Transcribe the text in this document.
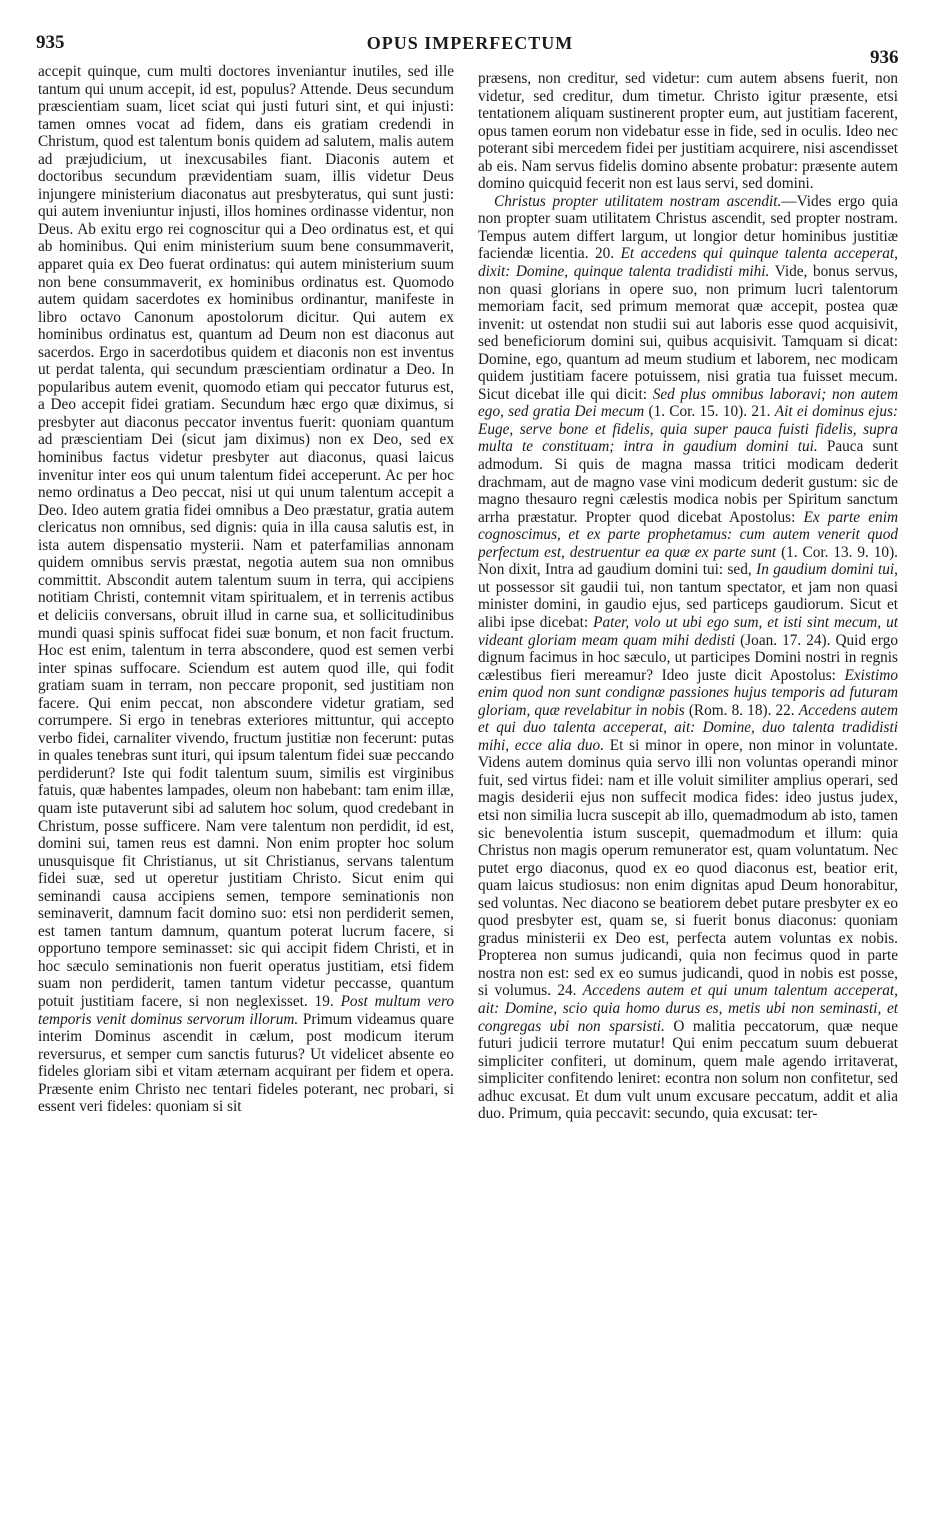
935	OPUS IMPERFECTUM
936

accepit quinque, cum multi doctores inveniantur inutiles, sed ille tantum qui unum accepit, id est, populus? Attende. Deus secundum præscientiam suam, licet sciat qui justi futuri sint, et qui injusti: tamen omnes vocat ad fidem, dans eis gratiam credendi in Christum, quod est talentum bonis quidem ad salutem, malis autem ad præjudicium, ut inexcusabiles fiant. Diaconis autem et doctoribus secundum prævidentiam suam, illis videtur Deus injungere ministerium diaconatus aut presbyteratus, qui sunt justi: qui autem inveniuntur injusti, illos homines ordinasse videntur, non Deus. Ab exitu ergo rei cognoscitur qui a Deo ordinatus est, et qui ab hominibus. Qui enim ministerium suum bene consummaverit, apparet quia ex Deo fuerat ordinatus: qui autem ministerium suum non bene consummaverit, ex hominibus ordinatus est. Quomodo autem quidam sacerdotes ex hominibus ordinantur, manifeste in libro octavo Canonum apostolorum dicitur. Qui autem ex hominibus ordinatus est, quantum ad Deum non est diaconus aut sacerdos. Ergo in sacerdotibus quidem et diaconis non est inventus ut perdat talenta, qui secundum præscientiam ordinatur a Deo. In popularibus autem evenit, quomodo etiam qui peccator futurus est, a Deo accepit fidei gratiam. Secundum hæc ergo quæ diximus, si presbyter aut diaconus peccator inventus fuerit: quoniam quantum ad præscientiam Dei (sicut jam diximus) non ex Deo, sed ex hominibus factus videtur presbyter aut diaconus, quasi laicus invenitur inter eos qui unum talentum fidei acceperunt. Ac per hoc nemo ordinatus a Deo peccat, nisi ut qui unum talentum accepit a Deo. Ideo autem gratia fidei omnibus a Deo præstatur, gratia autem clericatus non omnibus, sed dignis: quia in illa causa salutis est, in ista autem dispensatio mysterii. Nam et paterfamilias annonam quidem omnibus servis præstat, negotia autem sua non omnibus committit. Abscondit autem talentum suum in terra, qui accipiens notitiam Christi, contemnit vitam spiritualem, et in terrenis actibus et deliciis conversans, obruit illud in carne sua, et sollicitudinibus mundi quasi spinis suffocat fidei suæ bonum, et non facit fructum. Hoc est enim, talentum in terra abscondere, quod est semen verbi inter spinas suffocare. Sciendum est autem quod ille, qui fodit gratiam suam in terram, non peccare proponit, sed justitiam non facere. Qui enim peccat, non abscondere videtur gratiam, sed corrumpere. Si ergo in tenebras exteriores mittuntur, qui accepto verbo fidei, carnaliter vivendo, fructum justitiæ non fecerunt: putas in quales tenebras sunt ituri, qui ipsum talentum fidei suæ peccando perdiderunt? Iste qui fodit talentum suum, similis est virginibus fatuis, quæ habentes lampades, oleum non habebant: tam enim illæ, quam iste putaverunt sibi ad salutem hoc solum, quod credebant in Christum, posse sufficere. Nam vere talentum non perdidit, id est, domini sui, tamen reus est damni. Non enim propter hoc solum unusquisque fit Christianus, ut sit Christianus, servans talentum fidei suæ, sed ut operetur justitiam Christo. Sicut enim qui seminandi causa accipiens semen, tempore seminationis non seminaverit, damnum facit domino suo: etsi non perdiderit semen, est tamen tantum damnum, quantum poterat lucrum facere, si opportuno tempore seminasset: sic qui accipit fidem Christi, et in hoc sæculo seminationis non fuerit operatus justitiam, etsi fidem suam non perdiderit, tamen tantum videtur peccasse, quantum potuit justitiam facere, si non neglexisset. 19. Post multum vero temporis venit dominus servorum illorum. Primum videamus quare interim Dominus ascendit in cælum, post modicum iterum reversurus, et semper cum sanctis futurus? Ut videlicet absente eo fideles gloriam sibi et vitam æternam acquirant per fidem et opera. Præsente enim Christo nec tentari fideles poterant, nec probari, si essent veri fideles: quoniam si sit

præsens, non creditur, sed videtur: cum autem absens fuerit, non videtur, sed creditur, dum timetur. Christo igitur præsente, etsi tentationem aliquam sustinerent propter eum, aut justitiam facerent, opus tamen eorum non videbatur esse in fide, sed in oculis. Ideo nec poterant sibi mercedem fidei per justitiam acquirere, nisi ascendisset ab eis. Nam servus fidelis domino absente probatur: præsente autem domino quicquid fecerit non est laus servi, sed domini.

Christus propter utilitatem nostram ascendit.—Vides ergo quia non propter suam utilitatem Christus ascendit, sed propter nostram. Tempus autem differt largum, ut longior detur hominibus justitiæ faciendæ licentia. 20. Et accedens qui quinque talenta acceperat, dixit: Domine, quinque talenta tradidisti mihi. Vide, bonus servus, non quasi glorians in opere suo, non primum lucri talentorum memoriam facit, sed primum memorat quæ accepit, postea quæ invenit: ut ostendat non studii sui aut laboris esse quod acquisivit, sed beneficiorum domini sui, quibus acquisivit. Tamquam si dicat: Domine, ego, quantum ad meum studium et laborem, nec modicam quidem justitiam facere potuissem, nisi gratia tua fuisset mecum. Sicut dicebat ille qui dicit: Sed plus omnibus laboravi; non autem ego, sed gratia Dei mecum (1. Cor. 15. 10). 21. Ait ei dominus ejus: Euge, serve bone et fidelis, quia super pauca fuisti fidelis, supra multa te constituam; intra in gaudium domini tui. Pauca sunt admodum. Si quis de magna massa tritici modicam dederit drachmam, aut de magno vase vini modicum dederit gustum: sic de magno thesauro regni cælestis modica nobis per Spiritum sanctum arrha præstatur. Propter quod dicebat Apostolus: Ex parte enim cognoscimus, et ex parte prophetamus: cum autem venerit quod perfectum est, destruentur ea quæ ex parte sunt (1. Cor. 13. 9. 10). Non dixit, Intra ad gaudium domini tui: sed, In gaudium domini tui, ut possessor sit gaudii tui, non tantum spectator, et jam non quasi minister domini, in gaudio ejus, sed particeps gaudiorum. Sicut et alibi ipse dicebat: Pater, volo ut ubi ego sum, et isti sint mecum, ut videant gloriam meam quam mihi dedisti (Joan. 17. 24). Quid ergo dignum facimus in hoc sæculo, ut participes Domini nostri in regnis cælestibus fieri mereamur? Ideo juste dicit Apostolus: Existimo enim quod non sunt condignæ passiones hujus temporis ad futuram gloriam, quæ revelabitur in nobis (Rom. 8. 18). 22. Accedens autem et qui duo talenta acceperat, ait: Domine, duo talenta tradidisti mihi, ecce alia duo. Et si minor in opere, non minor in voluntate. Videns autem dominus quia servo illi non voluntas operandi minor fuit, sed virtus fidei: nam et ille voluit similiter amplius operari, sed magis desiderii ejus non suffecit modica fides: ideo justus judex, etsi non similia lucra suscepit ab illo, quemadmodum ab isto, tamen sic benevolentia istum suscepit, quemadmodum et illum: quia Christus non magis operum remunerator est, quam voluntatum. Nec putet ergo diaconus, quod ex eo quod diaconus est, beatior erit, quam laicus studiosus: non enim dignitas apud Deum honorabitur, sed voluntas. Nec diacono se beatiorem debet putare presbyter ex eo quod presbyter est, quam se, si fuerit bonus diaconus: quoniam gradus ministerii ex Deo est, perfecta autem voluntas ex nobis. Propterea non sumus judicandi, quia non fecimus quod in parte nostra non est: sed ex eo sumus judicandi, quod in nobis est posse, si volumus. 24. Accedens autem et qui unum talentum acceperat, ait: Domine, scio quia homo durus es, metis ubi non seminasti, et congregas ubi non sparsisti. O malitia peccatorum, quæ neque futuri judicii terrore mutatur! Qui enim peccatum suum debuerat simpliciter confiteri, ut dominum, quem male agendo irritaverat, simpliciter confitendo leniret: econtra non solum non confitetur, sed adhuc excusat. Et dum vult unum excusare peccatum, addit et alia duo. Primum, quia peccavit: secundo, quia excusat: ter-
